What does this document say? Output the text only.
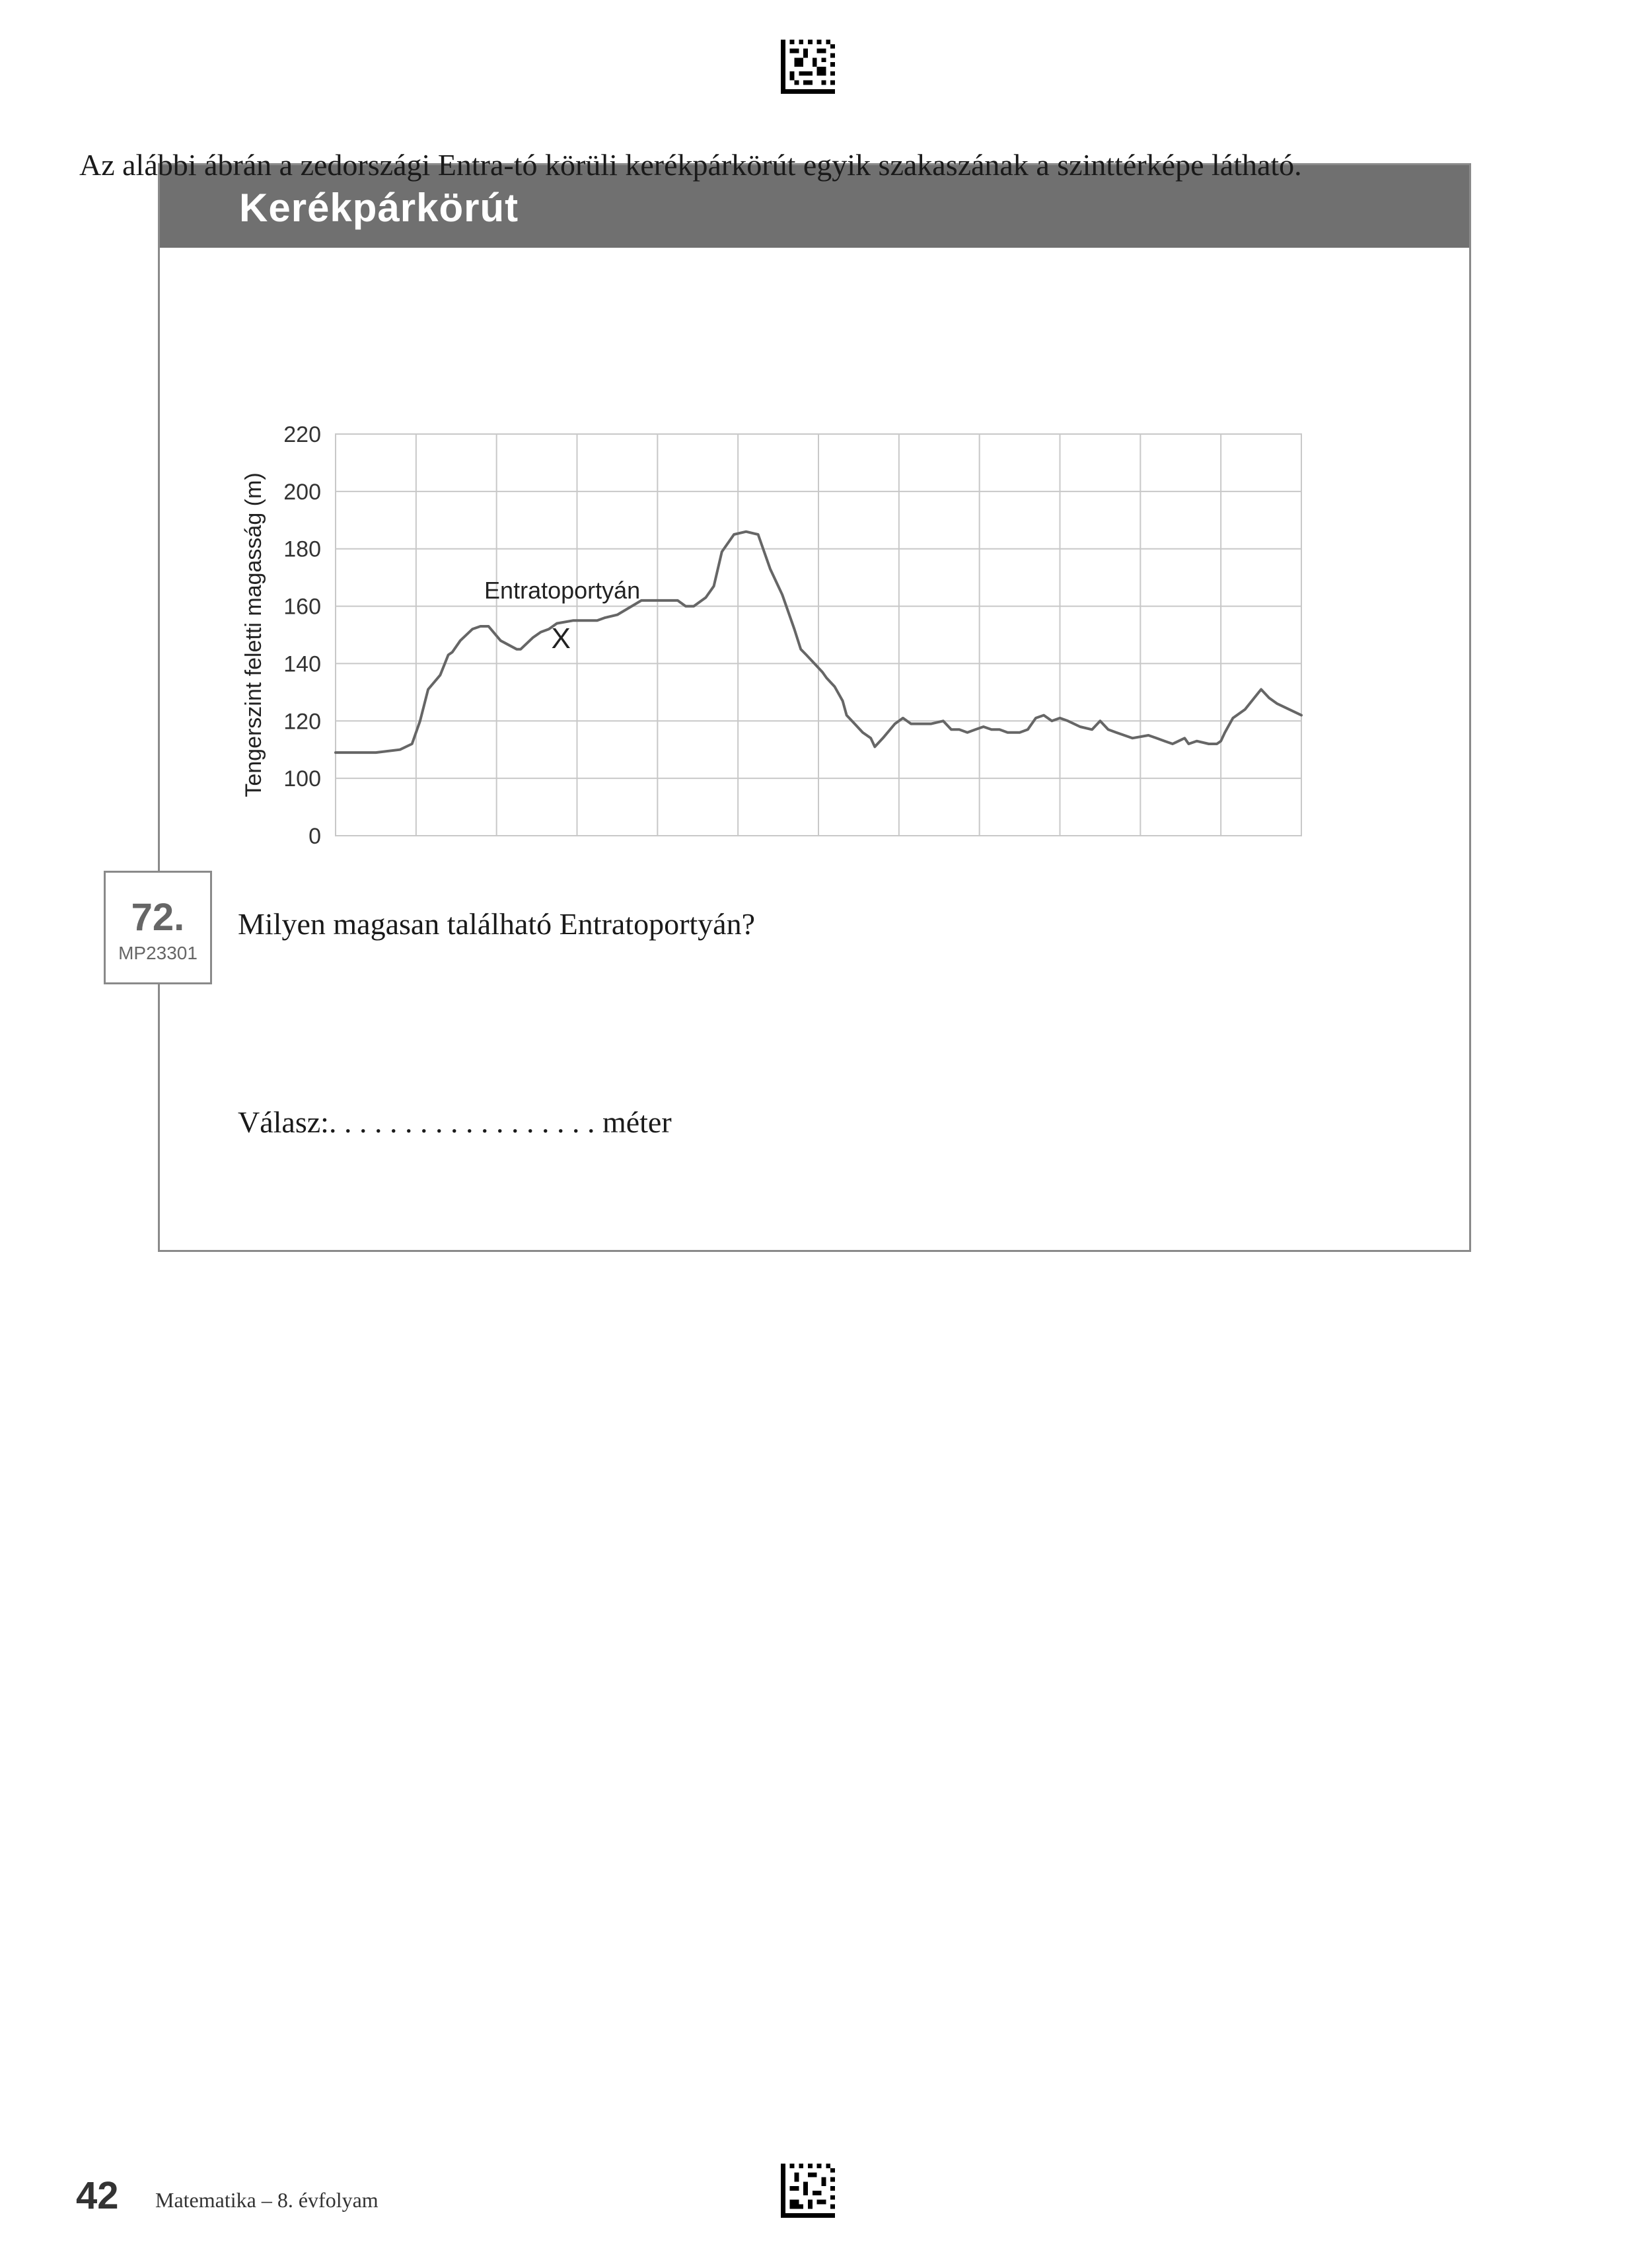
Kerékpárkörút
Az alábbi ábrán a zedországi Entra-tó körüli kerékpárkörút egyik szakaszának a szinttérképe látható.
0
100
120
140
160
180
200
220
Tengerszint feletti magasság (m)	Entratoportyán
X
72.
MP23301
Milyen magasan található Entratoportyán?
Válasz:. . . . . . . . . . . . . . . . . . méter
42 Matematika – 8. évfolyam
